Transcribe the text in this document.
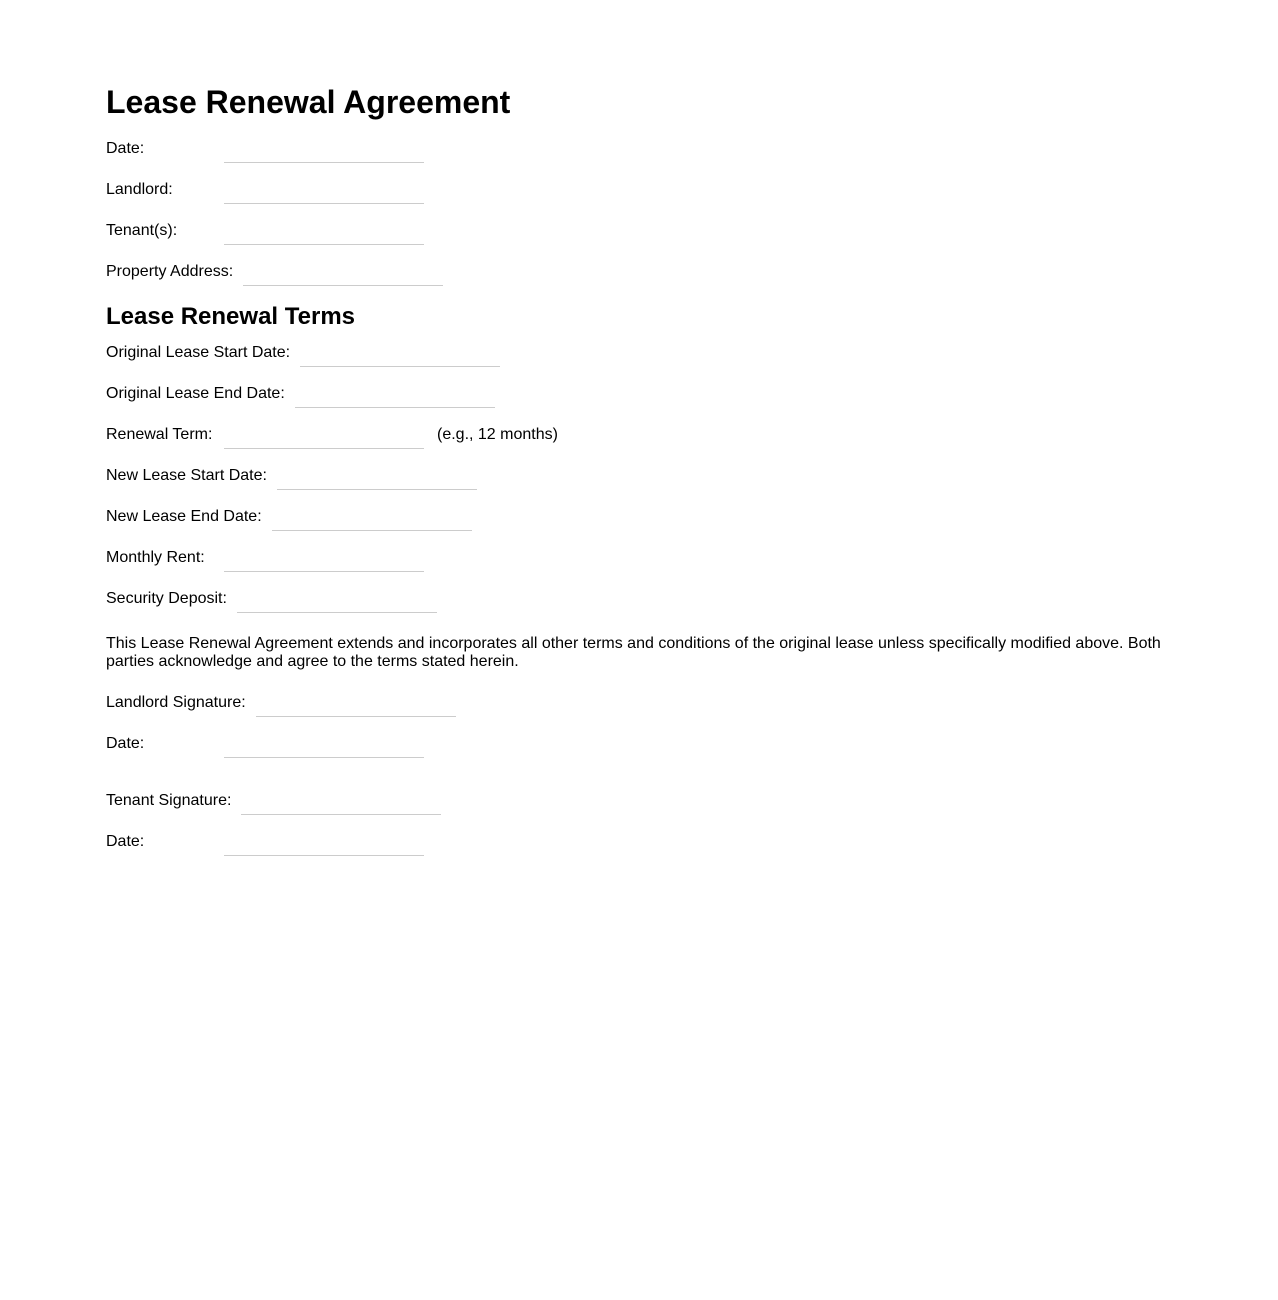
Lease Renewal Agreement
Date:
Landlord:
Tenant(s):
Property Address:
Lease Renewal Terms
Original Lease Start Date:
Original Lease End Date:
Renewal Term:	(e.g., 12 months)
New Lease Start Date:
New Lease End Date:
Monthly Rent:
Security Deposit:

This Lease Renewal Agreement extends and incorporates all other terms and conditions of the original lease unless specifically modified above. Both parties acknowledge and agree to the terms stated herein.

Landlord Signature:
Date:
Tenant Signature:
Date:
